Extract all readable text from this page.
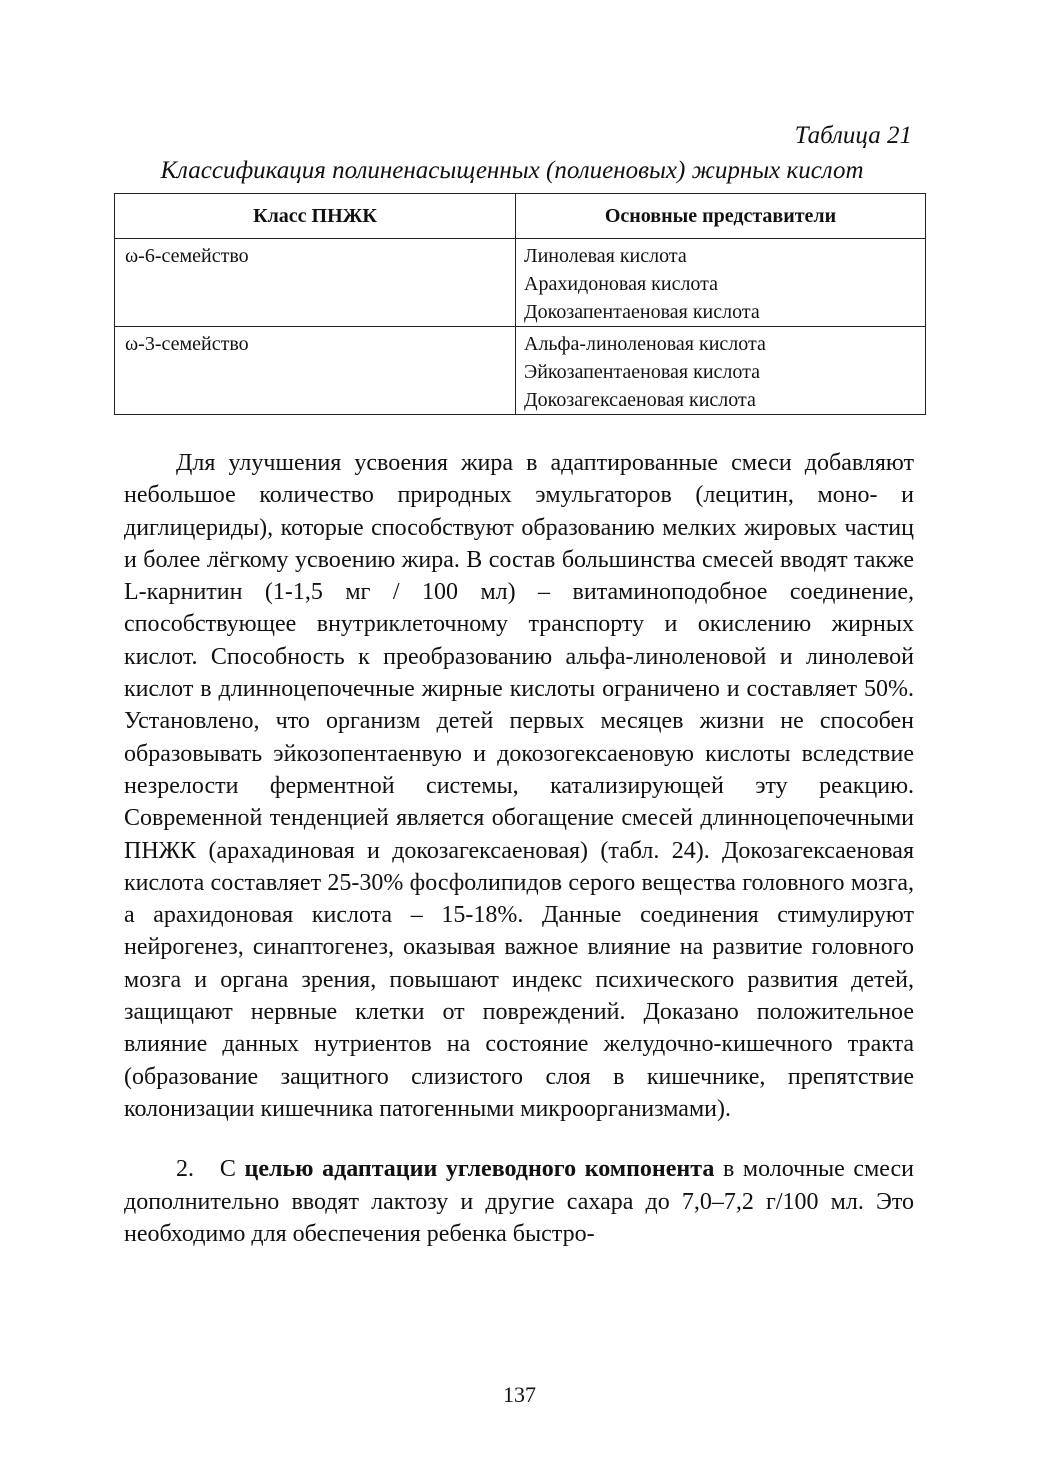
Таблица 21
Классификация полиненасыщенных (полиеновых) жирных кислот
Класс ПНЖК	Основные представители
ω-6-семейство	Линолевая кислота
Арахидоновая кислота
Докозапентаеновая кислота

ω-3-семейство	Альфа-линоленовая кислота
Эйкозапентаеновая кислота
Докозагексаеновая кислота

Для улучшения усвоения жира в адаптированные смеси добавляют небольшое количество природных эмульгаторов (лецитин, моно- и диглицериды), которые способствуют образованию мелких жировых частиц и более лёгкому усвоению жира. В состав большинства смесей вводят также L-карнитин (1-1,5 мг / 100 мл) – витаминоподобное соединение, способствующее внутриклеточному транспорту и окислению жирных кислот. Способность к преобразованию альфа-линоленовой и линолевой кислот в длинноцепочечные жирные кислоты ограничено и составляет 50%. Установлено, что организм детей первых месяцев жизни не способен образовывать эйкозопентаенвую и докозогексаеновую кислоты вследствие незрелости ферментной системы, катализирующей эту реакцию. Современной тенденцией является обогащение смесей длинноцепочечными ПНЖК (арахадиновая и докозагексаеновая) (табл. 24). Докозагексаеновая кислота составляет 25-30% фосфолипидов серого вещества головного мозга, а арахидоновая кислота – 15-18%. Данные соединения стимулируют нейрогенез, синаптогенез, оказывая важное влияние на развитие головного мозга и органа зрения, повышают индекс психического развития детей, защищают нервные клетки от повреждений. Доказано положительное влияние данных нутриентов на состояние желудочно-кишечного тракта (образование защитного слизистого слоя в кишечнике, препятствие колонизации кишечника патогенными микроорганизмами).

2. С целью адаптации углеводного компонента в молочные смеси дополнительно вводят лактозу и другие сахара до 7,0–7,2 г/100 мл. Это необходимо для обеспечения ребенка быстро-

137
